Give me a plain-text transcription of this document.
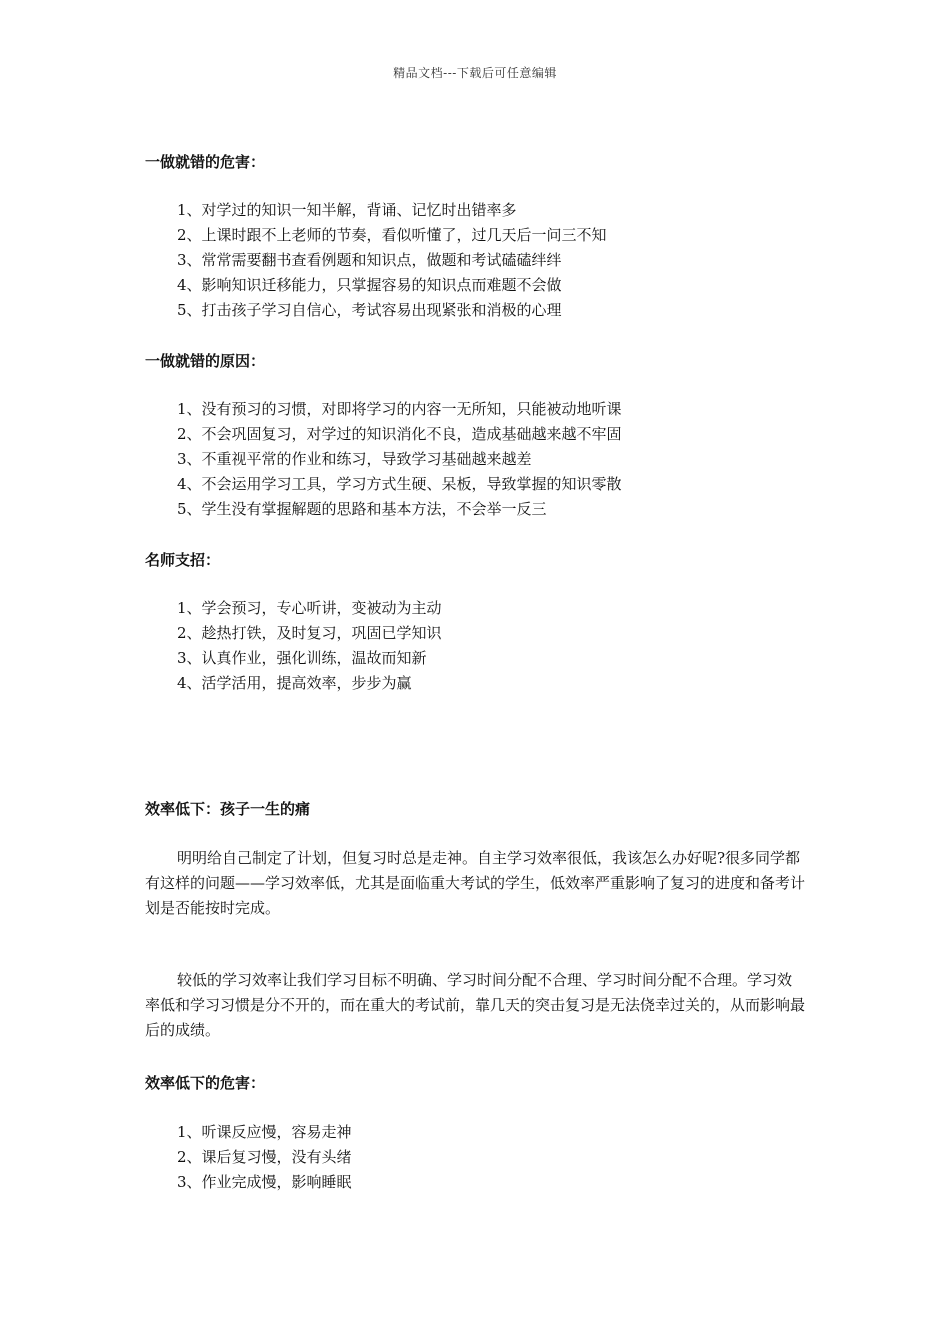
精品文档---下载后可任意编辑
一做就错的危害：
1、对学过的知识一知半解，背诵、记忆时出错率多
2、上课时跟不上老师的节奏，看似听懂了，过几天后一问三不知
3、常常需要翻书查看例题和知识点，做题和考试磕磕绊绊
4、影响知识迁移能力，只掌握容易的知识点而难题不会做
5、打击孩子学习自信心，考试容易出现紧张和消极的心理
一做就错的原因：
1、没有预习的习惯，对即将学习的内容一无所知，只能被动地听课
2、不会巩固复习，对学过的知识消化不良，造成基础越来越不牢固
3、不重视平常的作业和练习，导致学习基础越来越差
4、不会运用学习工具，学习方式生硬、呆板，导致掌握的知识零散
5、学生没有掌握解题的思路和基本方法，不会举一反三
名师支招：
1、学会预习，专心听讲，变被动为主动
2、趁热打铁，及时复习，巩固已学知识
3、认真作业，强化训练，温故而知新
4、活学活用，提高效率，步步为赢
效率低下：孩子一生的痛

明明给自己制定了计划，但复习时总是走神。自主学习效率很低，我该怎么办好呢?很多同学都有这样的问题——学习效率低，尤其是面临重大考试的学生，低效率严重影响了复习的进度和备考计划是否能按时完成。

较低的学习效率让我们学习目标不明确、学习时间分配不合理、学习时间分配不合理。学习效率低和学习习惯是分不开的，而在重大的考试前，靠几天的突击复习是无法侥幸过关的，从而影响最后的成绩。

效率低下的危害：
1、听课反应慢，容易走神
2、课后复习慢，没有头绪
3、作业完成慢，影响睡眠
